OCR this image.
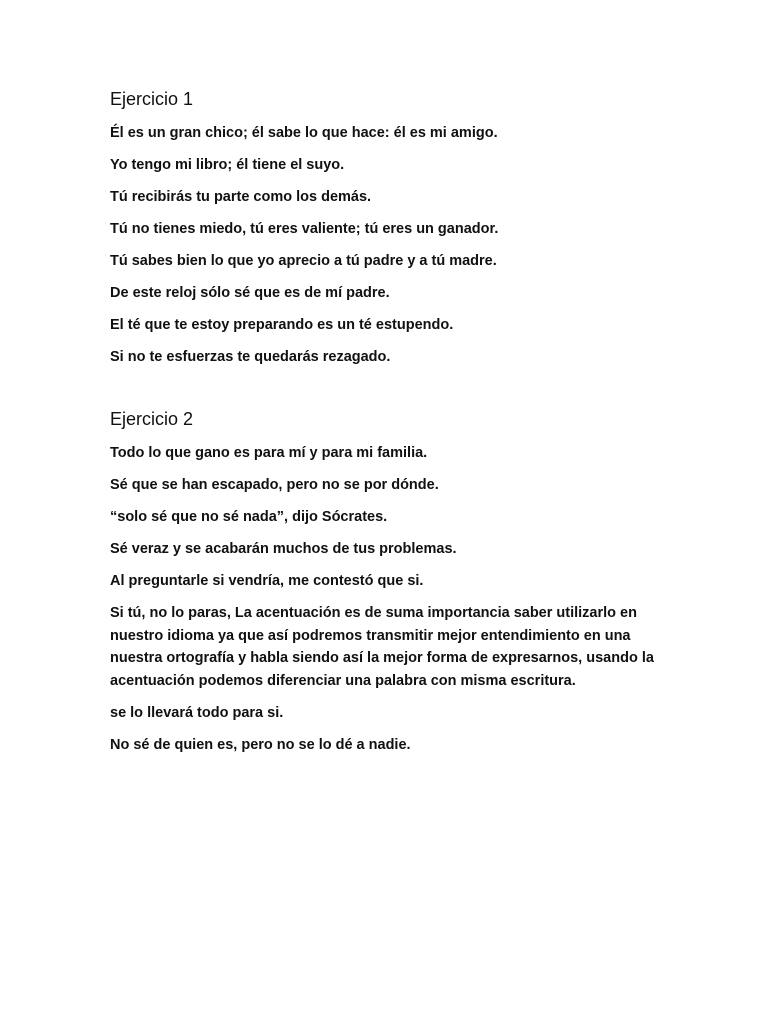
Ejercicio 1

Él es un gran chico; él sabe lo que hace: él es mi amigo.

Yo tengo mi libro; él tiene el suyo.

Tú recibirás tu parte como los demás.

Tú no tienes miedo, tú eres valiente; tú eres un ganador.

Tú sabes bien lo que yo aprecio a tú padre y a tú madre.

De este reloj sólo sé que es de mí padre.

El té que te estoy preparando es un té estupendo.

Si no te esfuerzas te quedarás rezagado.

Ejercicio 2

Todo lo que gano es para mí y para mi familia.

Sé que se han escapado, pero no se por dónde.

“solo sé que no sé nada”, dijo Sócrates.

Sé veraz y se acabarán muchos de tus problemas.

Al preguntarle si vendría, me contestó que si.

Si tú, no lo paras, La acentuación es de suma importancia saber utilizarlo en nuestro idioma ya que así podremos transmitir mejor entendimiento en una nuestra ortografía y habla siendo así la mejor forma de expresarnos, usando la acentuación podemos diferenciar una palabra con misma escritura.

se lo llevará todo para si.

No sé de quien es, pero no se lo dé a nadie.
